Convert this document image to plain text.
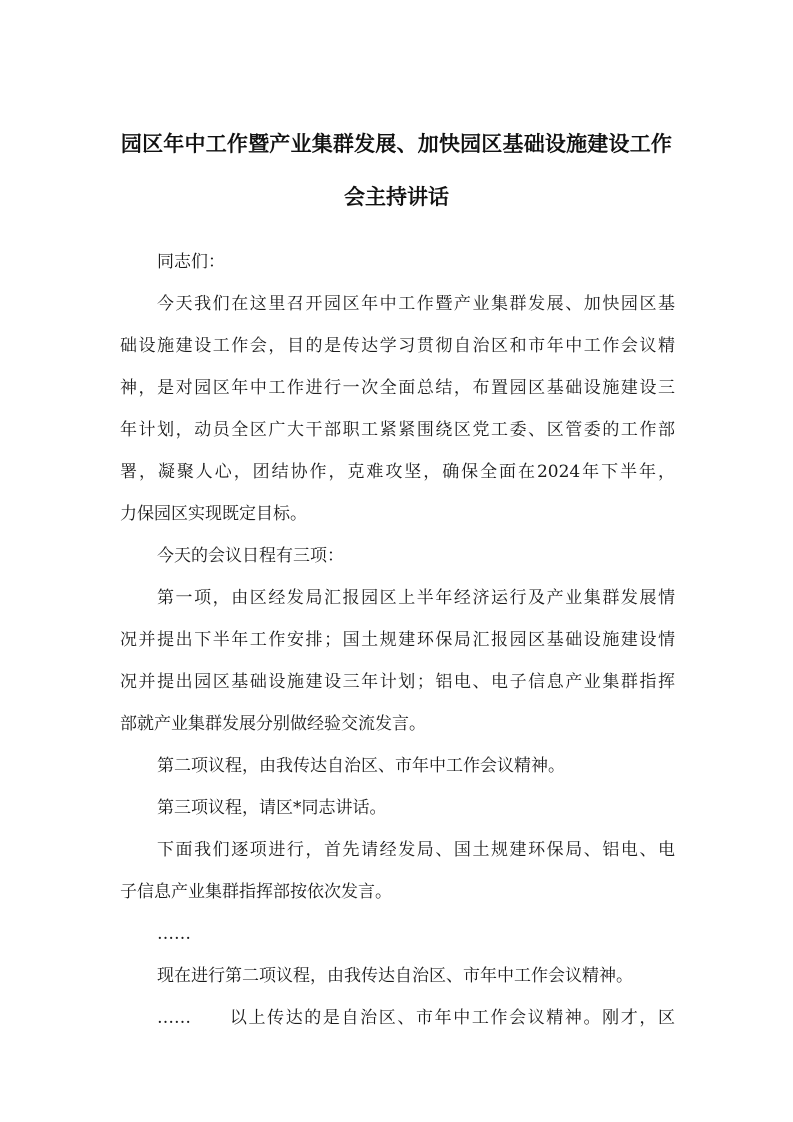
园区年中工作暨产业集群发展、加快园区基础设施建设工作
会主持讲话
同志们：
今天我们在这里召开园区年中工作暨产业集群发展、加快园区基
础设施建设工作会，目的是传达学习贯彻自治区和市年中工作会议精
神，是对园区年中工作进行一次全面总结，布置园区基础设施建设三
年计划，动员全区广大干部职工紧紧围绕区党工委、区管委的工作部
署，凝聚人心，团结协作，克难攻坚，确保全面在2024年下半年，
力保园区实现既定目标。
今天的会议日程有三项：
第一项，由区经发局汇报园区上半年经济运行及产业集群发展情
况并提出下半年工作安排；国土规建环保局汇报园区基础设施建设情
况并提出园区基础设施建设三年计划；铝电、电子信息产业集群指挥
部就产业集群发展分别做经验交流发言。
第二项议程，由我传达自治区、市年中工作会议精神。
第三项议程，请区*同志讲话。
下面我们逐项进行，首先请经发局、国土规建环保局、铝电、电
子信息产业集群指挥部按依次发言。
……
现在进行第二项议程，由我传达自治区、市年中工作会议精神。
……　　以上传达的是自治区、市年中工作会议精神。刚才，区
